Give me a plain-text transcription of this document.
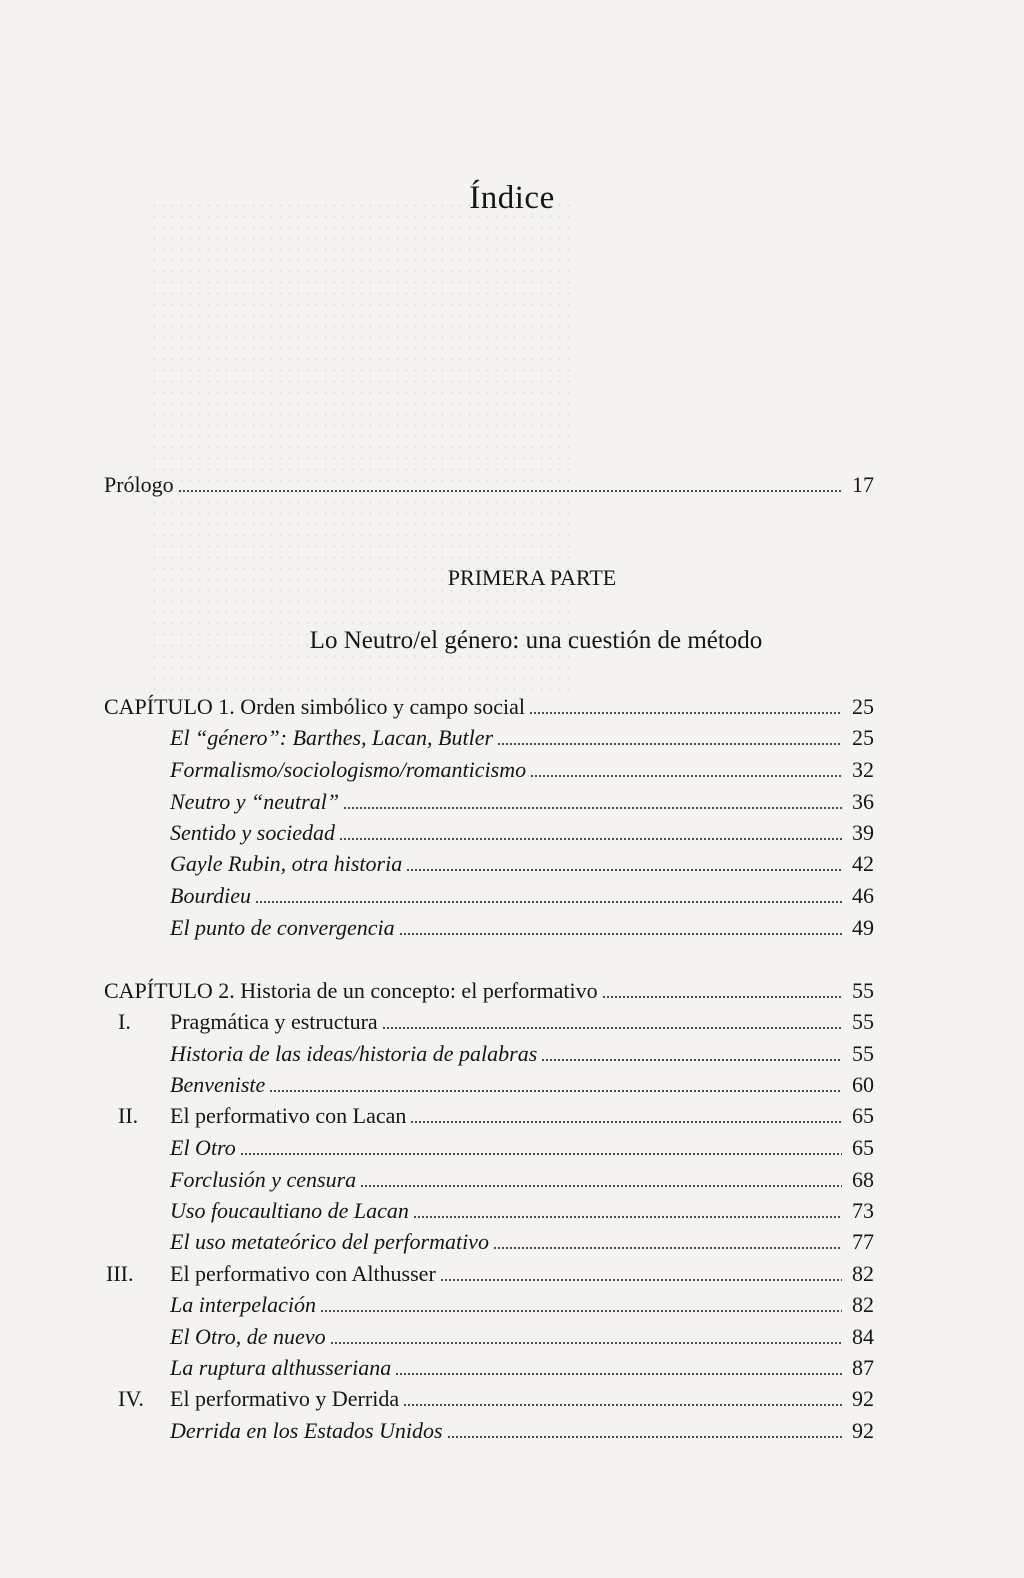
Índice
Prólogo	17
PRIMERA PARTE
Lo Neutro/el género: una cuestión de método
CAPÍTULO 1. Orden simbólico y campo social	25
El “género”: Barthes, Lacan, Butler	25
Formalismo/sociologismo/romanticismo	32
Neutro y “neutral”	36
Sentido y sociedad	39
Gayle Rubin, otra historia	42
Bourdieu	46
El punto de convergencia	49
CAPÍTULO 2. Historia de un concepto: el performativo	55
I.	Pragmática y estructura	55
Historia de las ideas/historia de palabras	55
Benveniste	60
II.	El performativo con Lacan	65
El Otro	65
Forclusión y censura	68
Uso foucaultiano de Lacan	73
El uso metateórico del performativo	77
III.	El performativo con Althusser	82
La interpelación	82
El Otro, de nuevo	84
La ruptura althusseriana	87
IV.	El performativo y Derrida	92
Derrida en los Estados Unidos	92
